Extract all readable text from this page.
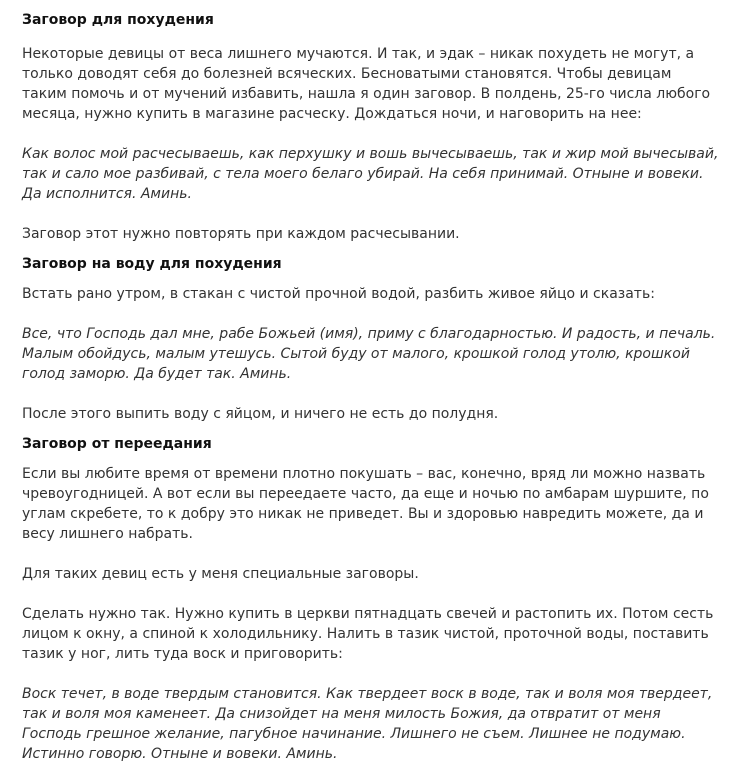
Заговор для похудения

Некоторые девицы от веса лишнего мучаются. И так, и эдак – никак похудеть не могут, а только доводят себя до болезней всяческих. Бесноватыми становятся. Чтобы девицам таким помочь и от мучений избавить, нашла я один заговор. В полдень, 25-го числа любого месяца, нужно купить в магазине расческу. Дождаться ночи, и наговорить на нее:

Как волос мой расчесываешь, как перхушку и вошь вычесываешь, так и жир мой вычесывай, так и сало мое разбивай, с тела моего белаго убирай. На себя принимай. Отныне и вовеки. Да исполнится. Аминь.

Заговор этот нужно повторять при каждом расчесывании.

Заговор на воду для похудения

Встать рано утром, в стакан с чистой прочной водой, разбить живое яйцо и сказать:

Все, что Господь дал мне, рабе Божьей (имя), приму с благодарностью. И радость, и печаль. Малым обойдусь, малым утешусь. Сытой буду от малого, крошкой голод утолю, крошкой голод заморю. Да будет так. Аминь.

После этого выпить воду с яйцом, и ничего не есть до полудня.

Заговор от переедания

Если вы любите время от времени плотно покушать – вас, конечно, вряд ли можно назвать чревоугодницей. А вот если вы переедаете часто, да еще и ночью по амбарам шуршите, по углам скребете, то к добру это никак не приведет. Вы и здоровью навредить можете, да и весу лишнего набрать.

Для таких девиц есть у меня специальные заговоры.

Сделать нужно так. Нужно купить в церкви пятнадцать свечей и растопить их. Потом сесть лицом к окну, а спиной к холодильнику. Налить в тазик чистой, проточной воды, поставить тазик у ног, лить туда воск и приговорить:

Воск течет, в воде твердым становится. Как твердеет воск в воде, так и воля моя твердеет, так и воля моя каменеет. Да снизойдет на меня милость Божия, да отвратит от меня Господь грешное желание, пагубное начинание. Лишнего не съем. Лишнее не подумаю. Истинно говорю. Отныне и вовеки. Аминь.
